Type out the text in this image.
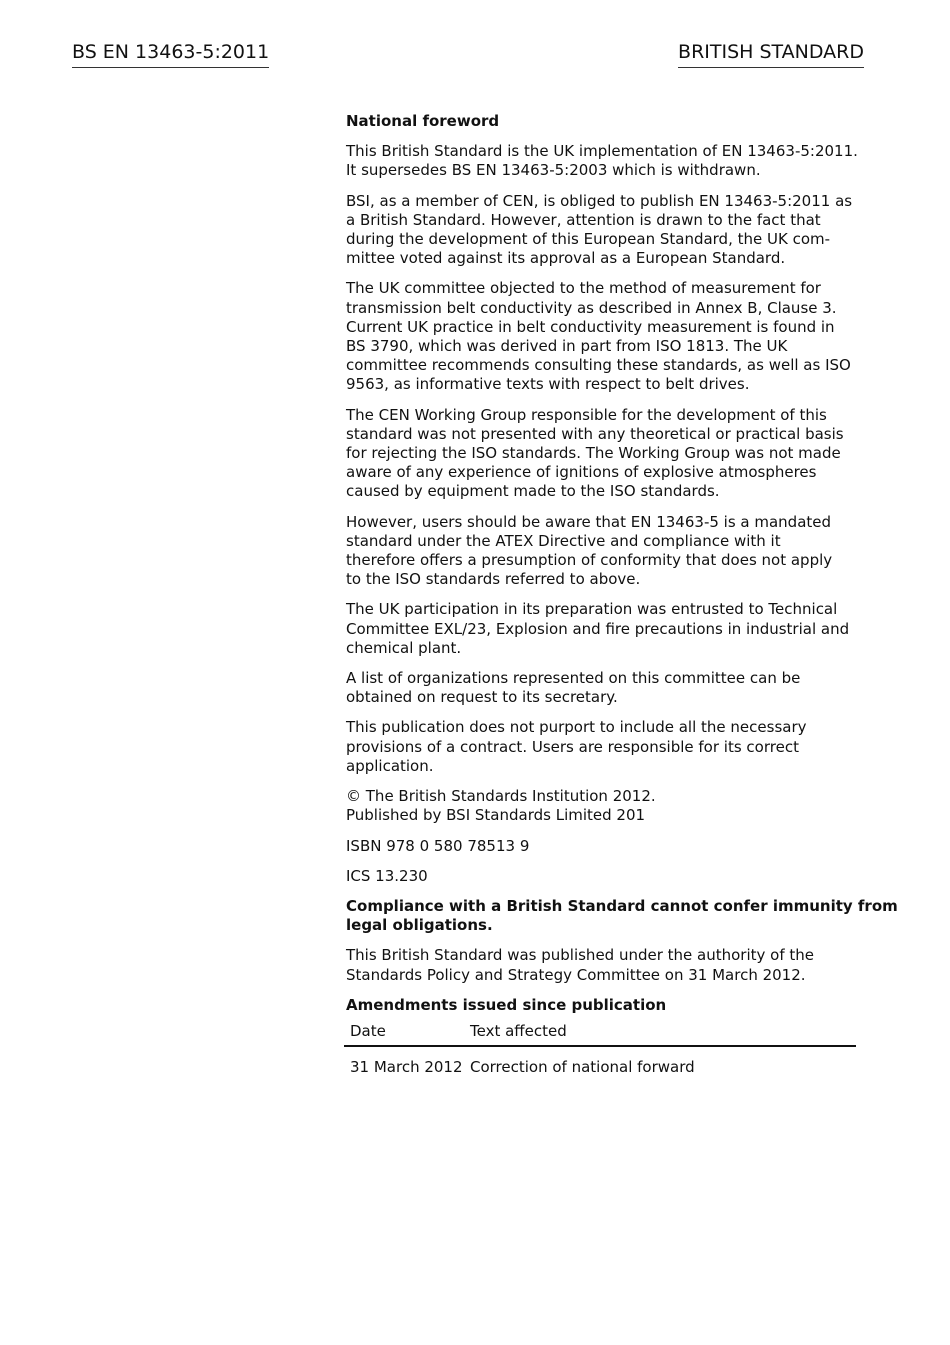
BS EN 13463-5:2011	BRITISH STANDARD

National foreword

This British Standard is the UK implementation of EN 13463-5:2011.
It supersedes BS EN 13463-5:2003 which is withdrawn.

BSI, as a member of CEN, is obliged to publish EN 13463-5:2011 as
a British Standard. However, attention is drawn to the fact that
during the development of this European Standard, the UK com-
mittee voted against its approval as a European Standard.

The UK committee objected to the method of measurement for
transmission belt conductivity as described in Annex B, Clause 3.
Current UK practice in belt conductivity measurement is found in
BS 3790, which was derived in part from ISO 1813. The UK
committee recommends consulting these standards, as well as ISO
9563, as informative texts with respect to belt drives.

The CEN Working Group responsible for the development of this
standard was not presented with any theoretical or practical basis
for rejecting the ISO standards. The Working Group was not made
aware of any experience of ignitions of explosive atmospheres
caused by equipment made to the ISO standards.

However, users should be aware that EN 13463-5 is a mandated
standard under the ATEX Directive and compliance with it
therefore offers a presumption of conformity that does not apply
to the ISO standards referred to above.

The UK participation in its preparation was entrusted to Technical
Committee EXL/23, Explosion and fire precautions in industrial and
chemical plant.

A list of organizations represented on this committee can be
obtained on request to its secretary.

This publication does not purport to include all the necessary
provisions of a contract. Users are responsible for its correct
application.

© The British Standards Institution 2012.
Published by BSI Standards Limited 201

ISBN 978 0 580 78513 9

ICS 13.230

Compliance with a British Standard cannot confer immunity from
legal obligations.

This British Standard was published under the authority of the
Standards Policy and Strategy Committee on 31 March 2012.

Amendments issued since publication
Date	Text affected
31 March 2012 Correction of national forward
